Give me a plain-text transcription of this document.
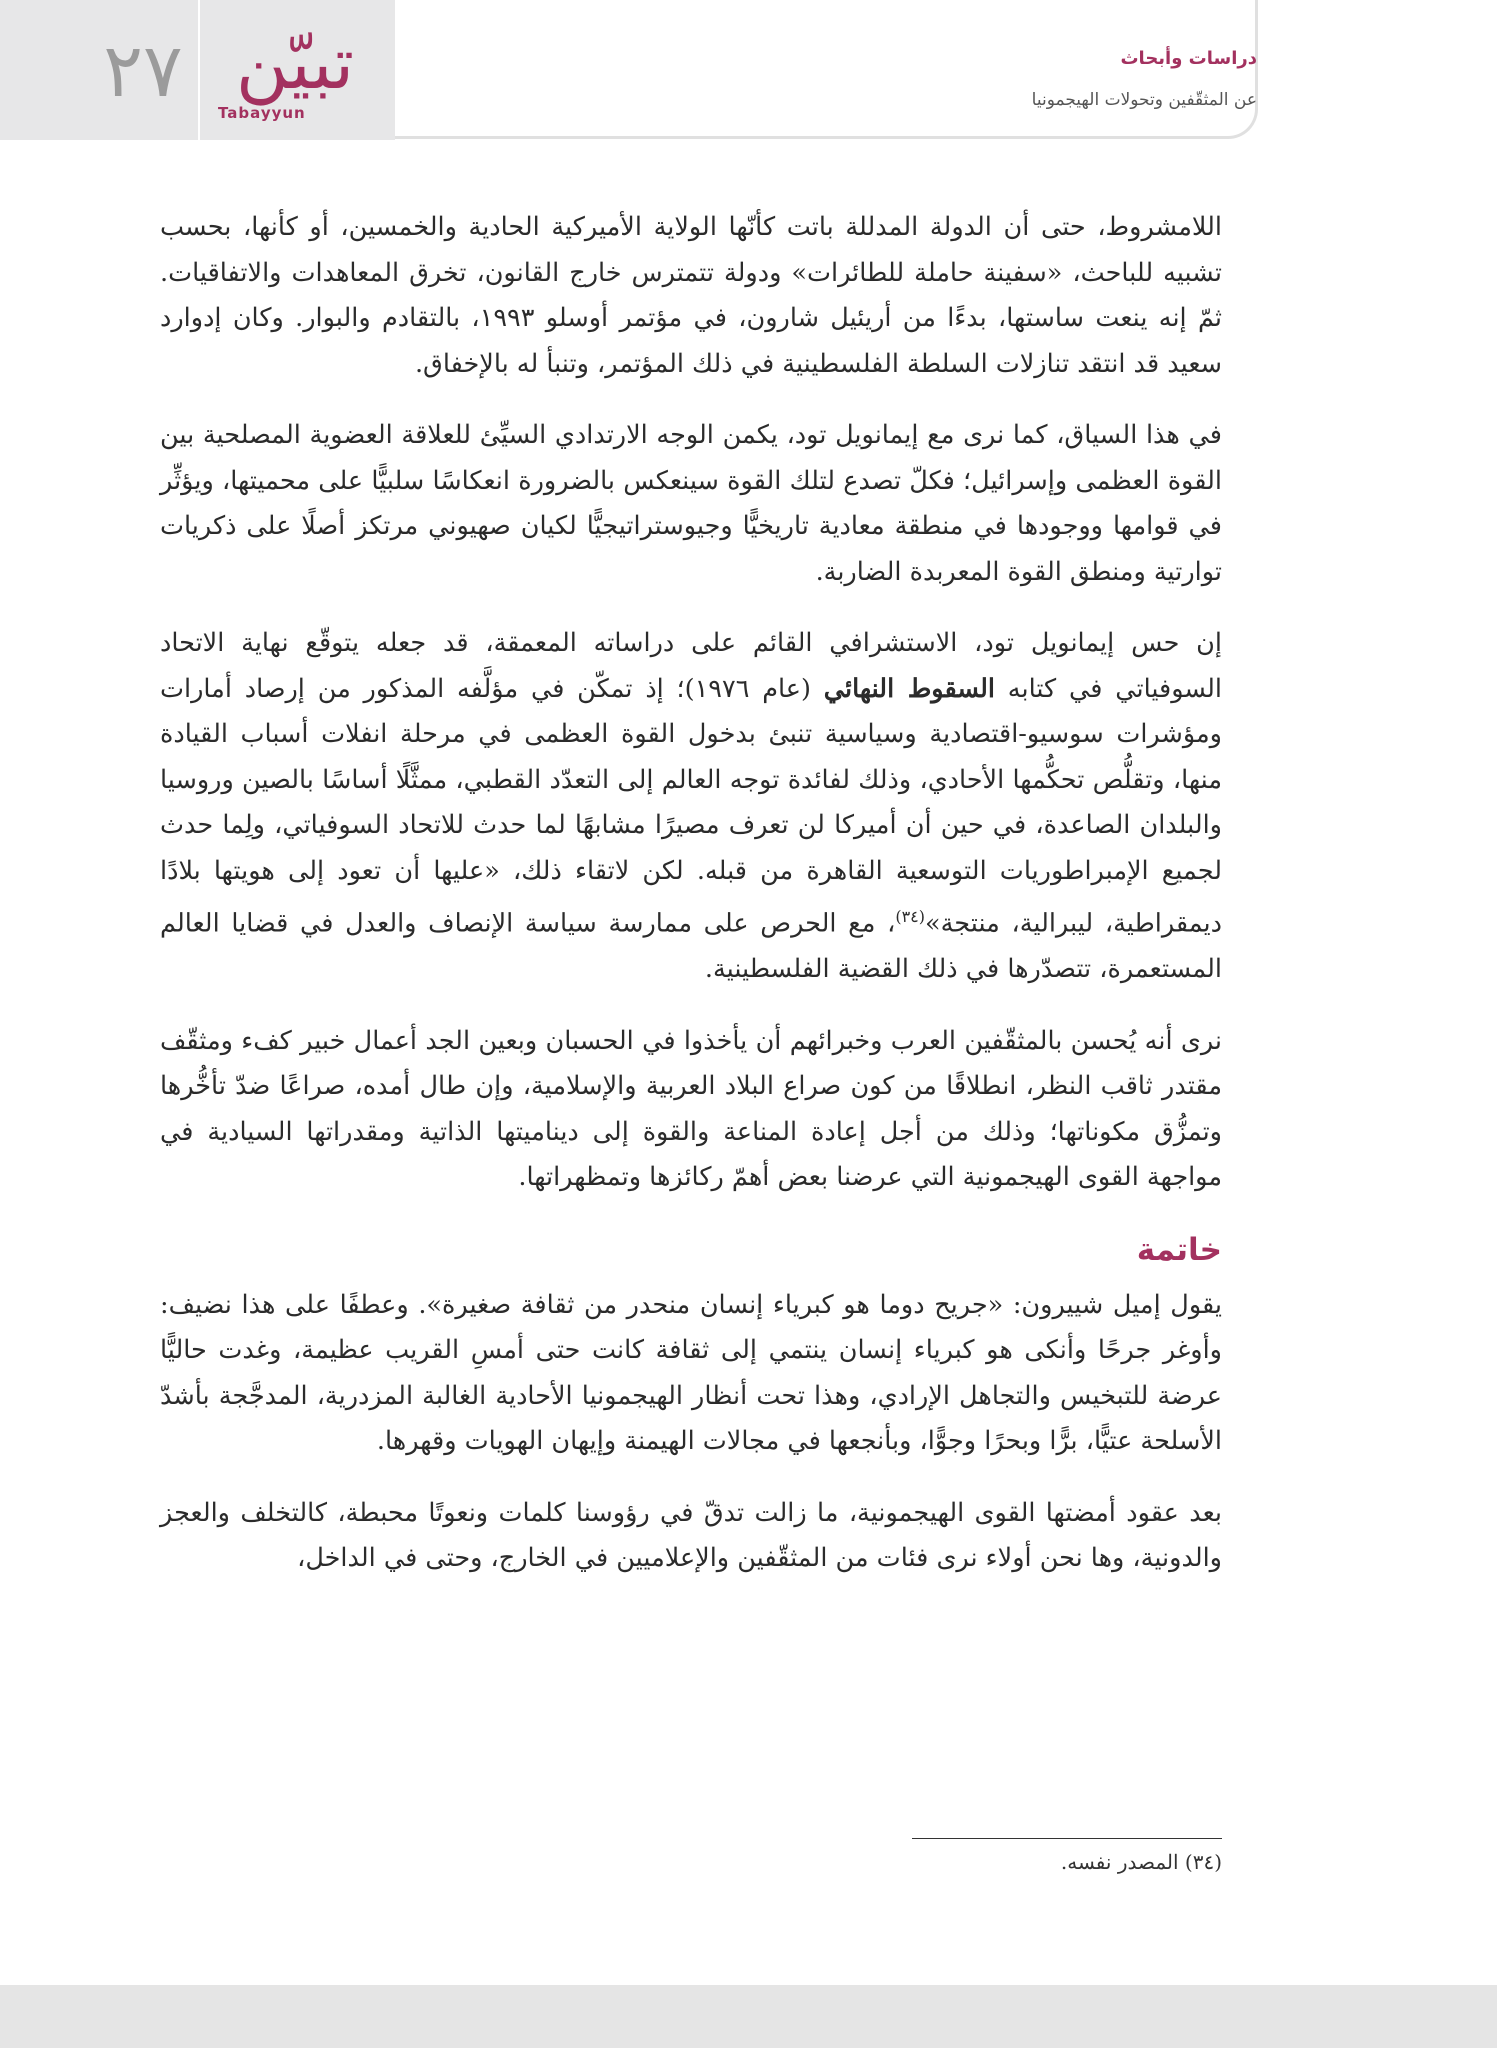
٢٧ تبيّن
Tabayyun
دراسات وأبحاث
عن المثقّفين وتحولات الهيجمونيا

اللامشروط، حتى أن الدولة المدللة باتت كأنّها الولاية الأميركية الحادية والخمسين، أو كأنها، بحسب تشبيه للباحث، «سفينة حاملة للطائرات» ودولة تتمترس خارج القانون، تخرق المعاهدات والاتفاقيات. ثمّ إنه ينعت ساستها، بدءًا من أريئيل شارون، في مؤتمر أوسلو ١٩٩٣، بالتقادم والبوار. وكان إدوارد سعيد قد انتقد تنازلات السلطة الفلسطينية في ذلك المؤتمر، وتنبأ له بالإخفاق.

في هذا السياق، كما نرى مع إيمانويل تود، يكمن الوجه الارتدادي السيِّئ للعلاقة العضوية المصلحية بين القوة العظمى وإسرائيل؛ فكلّ تصدع لتلك القوة سينعكس بالضرورة انعكاسًا سلبيًّا على محميتها، ويؤثِّر في قوامها ووجودها في منطقة معادية تاريخيًّا وجيوستراتيجيًّا لكيان صهيوني مرتكز أصلًا على ذكريات توارتية ومنطق القوة المعربدة الضاربة.

إن حس إيمانويل تود، الاستشرافي القائم على دراساته المعمقة، قد جعله يتوقّع نهاية الاتحاد السوفياتي في كتابه السقوط النهائي (عام ١٩٧٦)؛ إذ تمكّن في مؤلَّفه المذكور من إرصاد أمارات ومؤشرات سوسيو-اقتصادية وسياسية تنبئ بدخول القوة العظمى في مرحلة انفلات أسباب القيادة منها، وتقلُّص تحكُّمها الأحادي، وذلك لفائدة توجه العالم إلى التعدّد القطبي، ممثَّلًا أساسًا بالصين وروسيا والبلدان الصاعدة، في حين أن أميركا لن تعرف مصيرًا مشابهًا لما حدث للاتحاد السوفياتي، ولِما حدث لجميع الإمبراطوريات التوسعية القاهرة من قبله. لكن لاتقاء ذلك، «عليها أن تعود إلى هويتها بلادًا ديمقراطية، ليبرالية، منتجة»$^{(٣٤)}$، مع الحرص على ممارسة سياسة الإنصاف والعدل في قضايا العالم المستعمرة، تتصدّرها في ذلك القضية الفلسطينية.

نرى أنه يُحسن بالمثقّفين العرب وخبرائهم أن يأخذوا في الحسبان وبعين الجد أعمال خبير كفء ومثقّف مقتدر ثاقب النظر، انطلاقًا من كون صراع البلاد العربية والإسلامية، وإن طال أمده، صراعًا ضدّ تأخُّرها وتمزُّق مكوناتها؛ وذلك من أجل إعادة المناعة والقوة إلى ديناميتها الذاتية ومقدراتها السيادية في مواجهة القوى الهيجمونية التي عرضنا بعض أهمّ ركائزها وتمظهراتها.

خاتمة

يقول إميل شييرون: «جريح دوما هو كبرياء إنسان منحدر من ثقافة صغيرة». وعطفًا على هذا نضيف: وأوغر جرحًا وأنكى هو كبرياء إنسان ينتمي إلى ثقافة كانت حتى أمسِ القريب عظيمة، وغدت حاليًّا عرضة للتبخيس والتجاهل الإرادي، وهذا تحت أنظار الهيجمونيا الأحادية الغالبة المزدرية، المدجَّجة بأشدّ الأسلحة عتيًّا، برًّا وبحرًا وجوًّا، وبأنجعها في مجالات الهيمنة وإيهان الهويات وقهرها.

بعد عقود أمضتها القوى الهيجمونية، ما زالت تدقّ في رؤوسنا كلمات ونعوتًا محبطة، كالتخلف والعجز والدونية، وها نحن أولاء نرى فئات من المثقّفين والإعلاميين في الخارج، وحتى في الداخل،

(٣٤) المصدر نفسه.
